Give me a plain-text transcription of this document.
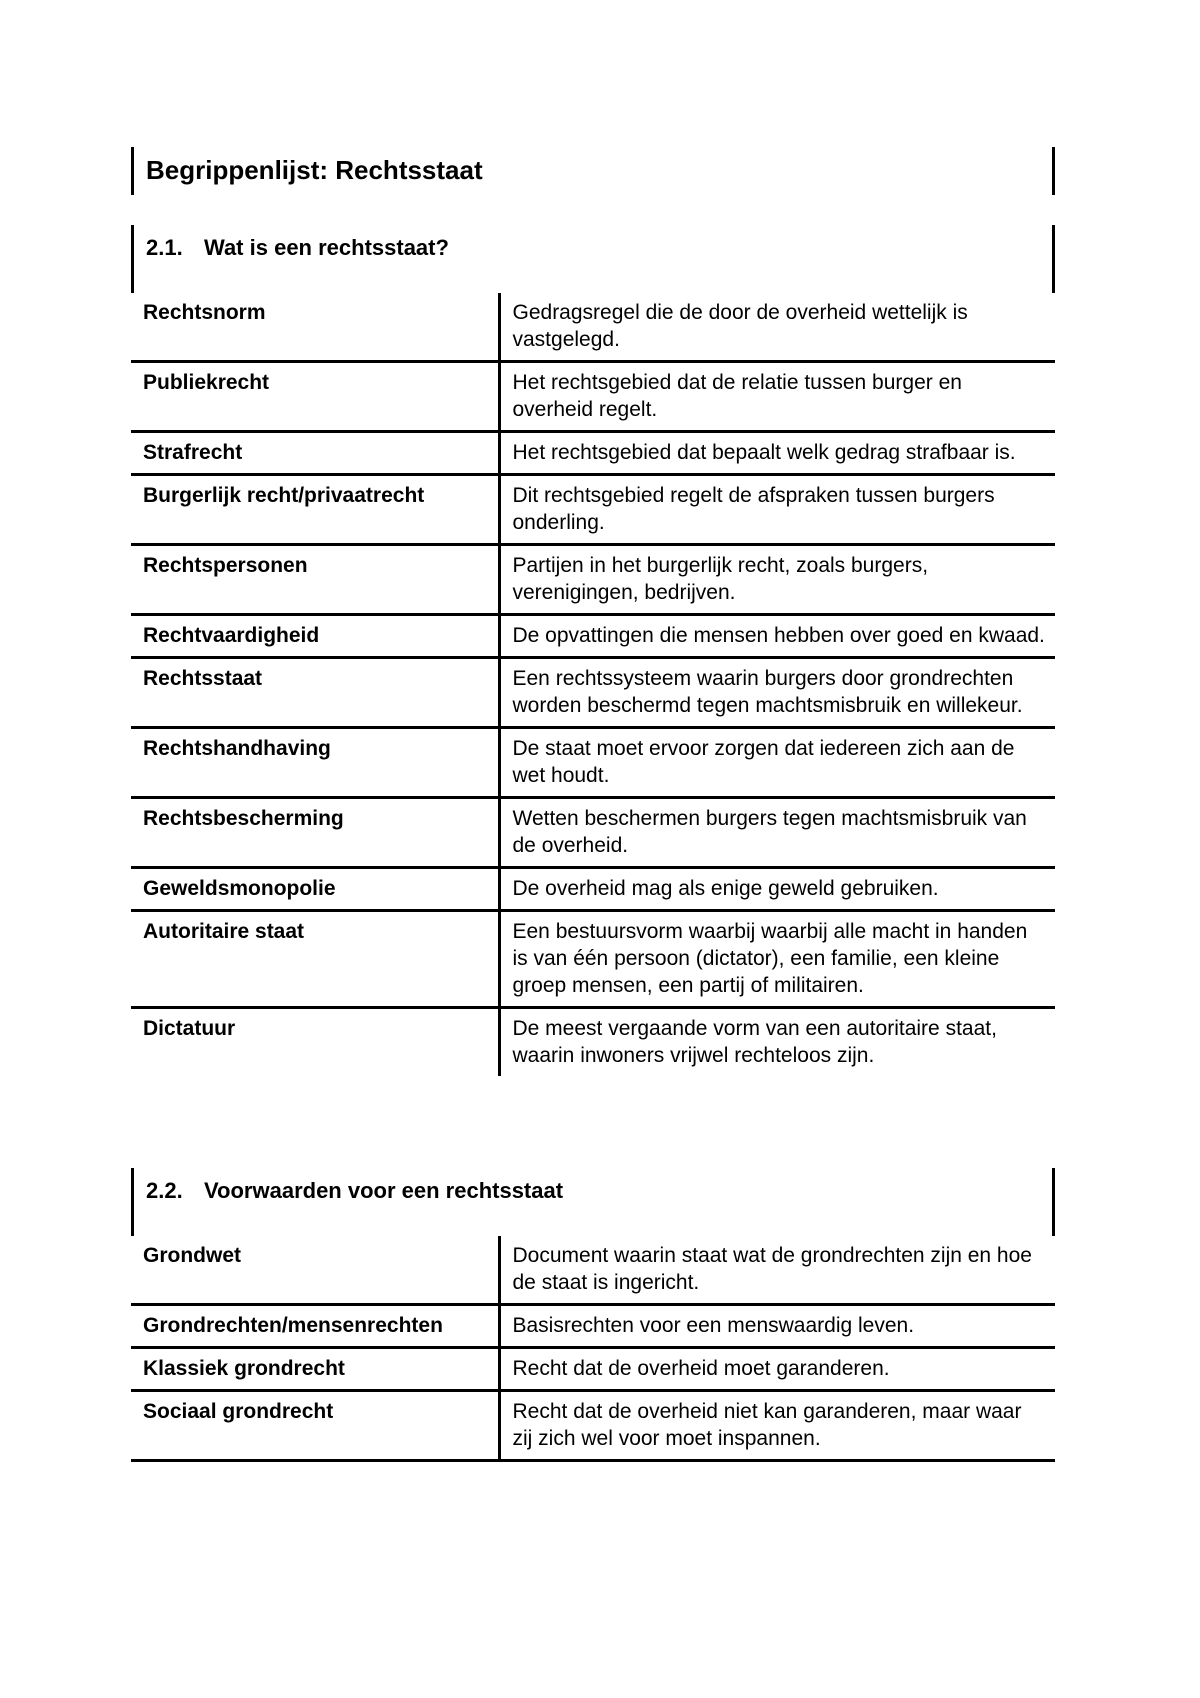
Begrippenlijst: Rechtsstaat
2.1. Wat is een rechtsstaat?
Rechtsnorm	Gedragsregel die de door de overheid wettelijk is vastgelegd.
Publiekrecht	Het rechtsgebied dat de relatie tussen burger en overheid regelt.
Strafrecht	Het rechtsgebied dat bepaalt welk gedrag strafbaar is.
Burgerlijk recht/privaatrecht	Dit rechtsgebied regelt de afspraken tussen burgers onderling.
Rechtspersonen	Partijen in het burgerlijk recht, zoals burgers, verenigingen, bedrijven.
Rechtvaardigheid	De opvattingen die mensen hebben over goed en kwaad.
Rechtsstaat	Een rechtssysteem waarin burgers door grondrechten worden beschermd tegen machtsmisbruik en willekeur.
Rechtshandhaving	De staat moet ervoor zorgen dat iedereen zich aan de wet houdt.
Rechtsbescherming	Wetten beschermen burgers tegen machtsmisbruik van de overheid.
Geweldsmonopolie	De overheid mag als enige geweld gebruiken.
Autoritaire staat	Een bestuursvorm waarbij waarbij alle macht in handen is van één persoon (dictator), een familie, een kleine groep mensen, een partij of militairen.
Dictatuur	De meest vergaande vorm van een autoritaire staat, waarin inwoners vrijwel rechteloos zijn.
2.2. Voorwaarden voor een rechtsstaat
Grondwet	Document waarin staat wat de grondrechten zijn en hoe de staat is ingericht.
Grondrechten/mensenrechten	Basisrechten voor een menswaardig leven.
Klassiek grondrecht	Recht dat de overheid moet garanderen.
Sociaal grondrecht	Recht dat de overheid niet kan garanderen, maar waar zij zich wel voor moet inspannen.
